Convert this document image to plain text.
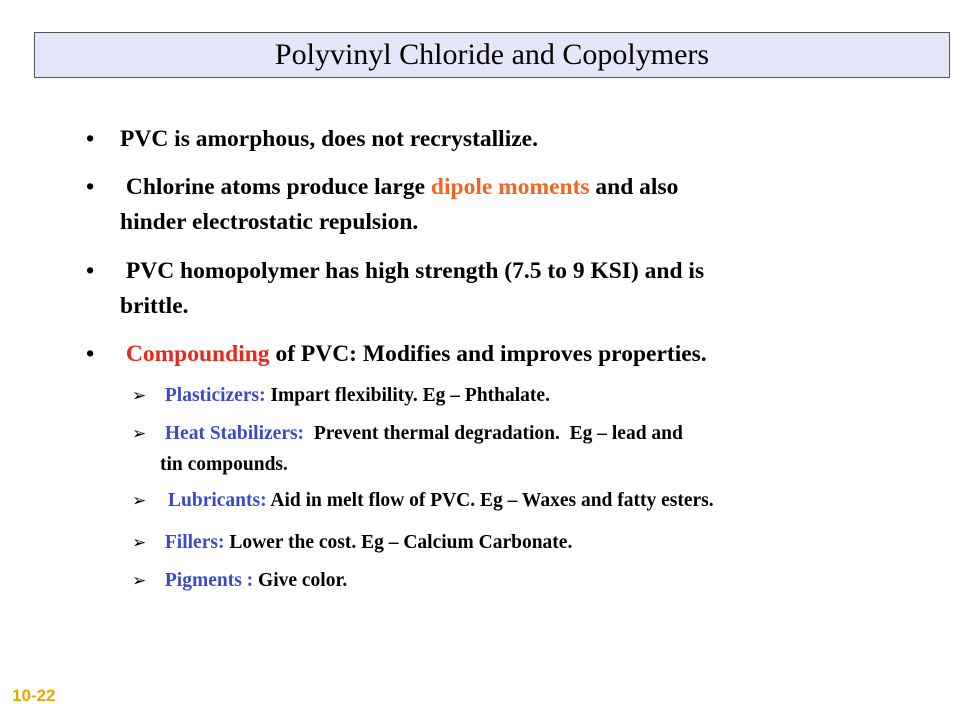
Polyvinyl Chloride and Copolymers
•	PVC is amorphous, does not recrystallize.
•	Chlorine atoms produce large dipole moments and also
hinder electrostatic repulsion.
•	PVC homopolymer has high strength (7.5 to 9 KSI) and is
brittle.
•	Compounding of PVC: Modifies and improves properties.
➢ Plasticizers: Impart flexibility. Eg – Phthalate.
➢ Heat Stabilizers:  Prevent thermal degradation.  Eg – lead and
tin compounds.
➢	Lubricants: Aid in melt flow of PVC. Eg – Waxes and fatty esters.
➢ Fillers: Lower the cost. Eg – Calcium Carbonate.
➢ Pigments : Give color.
10-22
